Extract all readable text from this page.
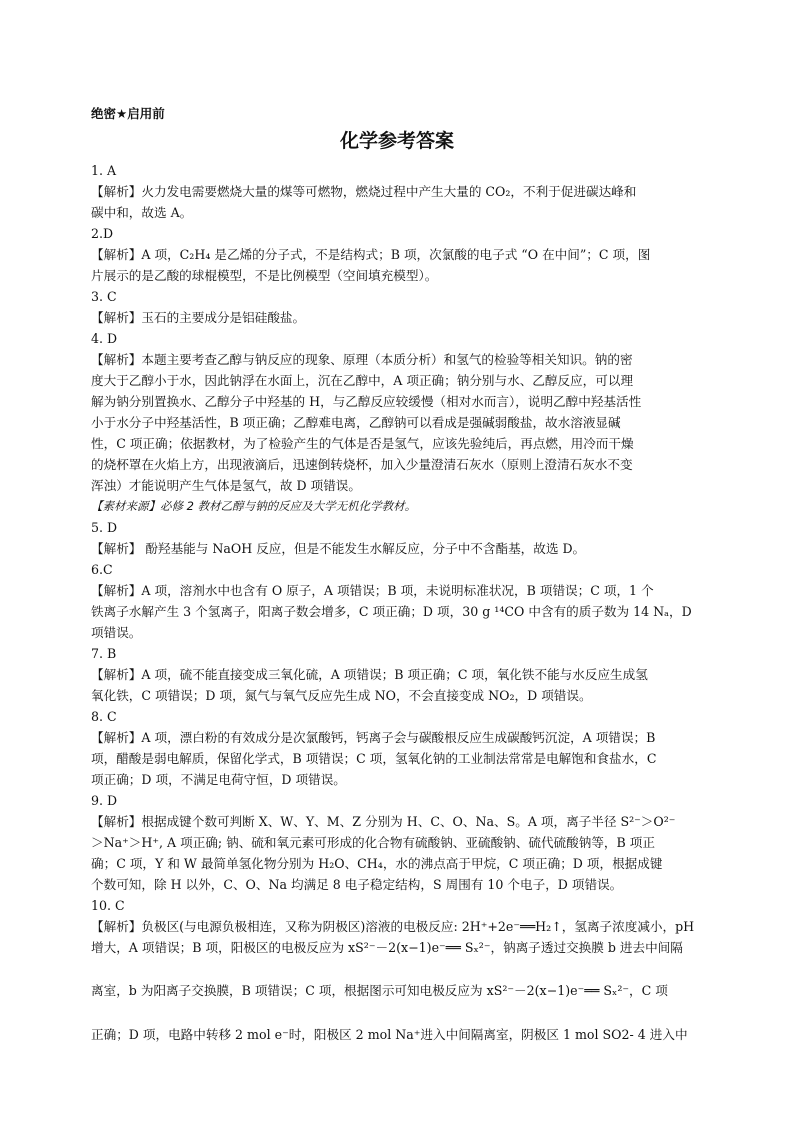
绝密★启用前
化学参考答案
1. A
【解析】火力发电需要燃烧大量的煤等可燃物，燃烧过程中产生大量的 CO₂，不利于促进碳达峰和
碳中和，故选 A。
2.D
【解析】A 项，C₂H₄ 是乙烯的分子式，不是结构式；B 项，次氯酸的电子式 “O 在中间”；C 项，图
片展示的是乙酸的球棍模型，不是比例模型（空间填充模型）。
3. C
【解析】玉石的主要成分是铝硅酸盐。
4. D
【解析】本题主要考查乙醇与钠反应的现象、原理（本质分析）和氢气的检验等相关知识。钠的密
度大于乙醇小于水，因此钠浮在水面上，沉在乙醇中，A 项正确；钠分别与水、乙醇反应，可以理
解为钠分别置换水、乙醇分子中羟基的 H，与乙醇反应较缓慢（相对水而言），说明乙醇中羟基活性
小于水分子中羟基活性，B 项正确；乙醇难电离，乙醇钠可以看成是强碱弱酸盐，故水溶液显碱
性，C 项正确；依据教材，为了检验产生的气体是否是氢气，应该先验纯后，再点燃，用冷而干燥
的烧杯罩在火焰上方，出现液滴后，迅速倒转烧杯，加入少量澄清石灰水（原则上澄清石灰水不变
浑浊）才能说明产生气体是氢气，故 D 项错误。
【素材来源】必修 2 教材乙醇与钠的反应及大学无机化学教材。
5. D
【解析】 酚羟基能与 NaOH 反应，但是不能发生水解反应，分子中不含酯基，故选 D。
6.C
【解析】A 项，溶剂水中也含有 O 原子，A 项错误；B 项，未说明标准状况，B 项错误；C 项，1 个
铁离子水解产生 3 个氢离子，阳离子数会增多，C 项正确；D 项，30 g ¹⁴CO 中含有的质子数为 14 Nₐ，D
项错误。
7. B
【解析】A 项，硫不能直接变成三氧化硫，A 项错误；B 项正确；C 项，氧化铁不能与水反应生成氢
氧化铁，C 项错误；D 项，氮气与氧气反应先生成 NO，不会直接变成 NO₂，D 项错误。
8. C
【解析】A 项，漂白粉的有效成分是次氯酸钙，钙离子会与碳酸根反应生成碳酸钙沉淀，A 项错误；B
项，醋酸是弱电解质，保留化学式，B 项错误；C 项，氢氧化钠的工业制法常常是电解饱和食盐水，C
项正确；D 项，不满足电荷守恒，D 项错误。
9. D
【解析】根据成键个数可判断 X、W、Y、M、Z 分别为 H、C、O、Na、S。A 项，离子半径 S²⁻＞O²⁻
＞Na⁺＞H⁺, A 项正确; 钠、硫和氧元素可形成的化合物有硫酸钠、亚硫酸钠、硫代硫酸钠等，B 项正
确；C 项，Y 和 W 最简单氢化物分别为 H₂O、CH₄，水的沸点高于甲烷，C 项正确；D 项，根据成键
个数可知，除 H 以外，C、O、Na 均满足 8 电子稳定结构，S 周围有 10 个电子，D 项错误。
10. C
【解析】负极区(与电源负极相连，又称为阴极区)溶液的电极反应: 2H⁺+2e⁻══H₂↑，氢离子浓度减小，pH
增大，A 项错误；B 项，阳极区的电极反应为 xS²⁻－2(x−1)e⁻══ Sₓ²⁻，钠离子透过交换膜 b 进去中间隔
离室，b 为阳离子交换膜，B 项错误；C 项，根据图示可知电极反应为 xS²⁻－2(x−1)e⁻══ Sₓ²⁻，C 项
正确；D 项，电路中转移 2 mol e⁻时，阳极区 2 mol Na⁺进入中间隔离室，阴极区 1 mol SO2- 4 进入中
